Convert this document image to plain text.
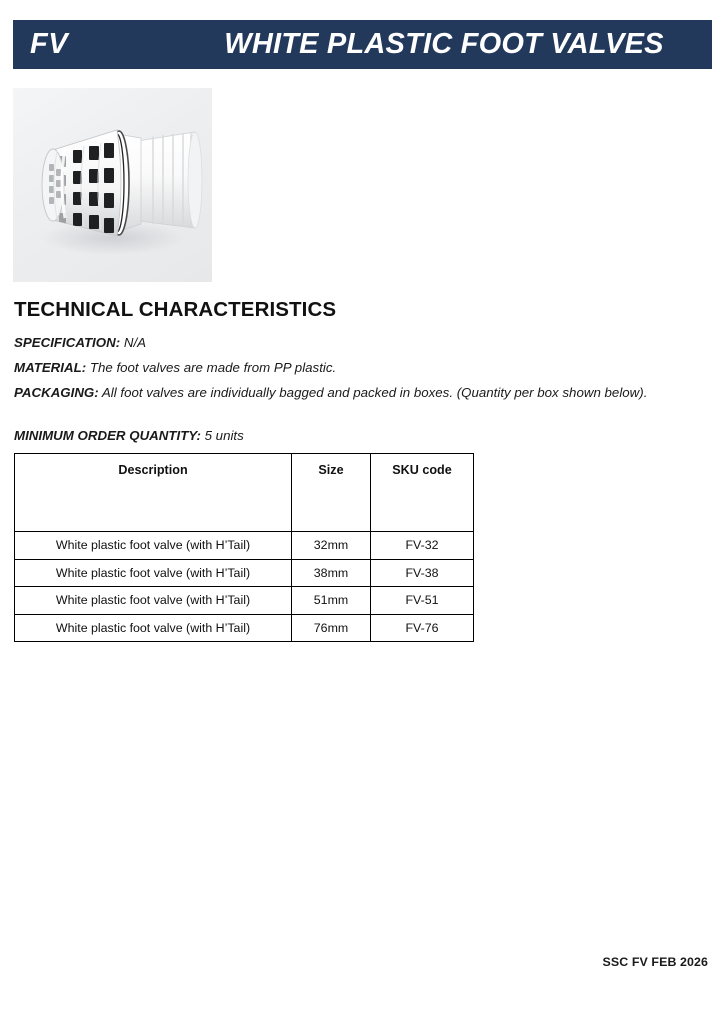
FV	WHITE PLASTIC FOOT VALVES
TECHNICAL CHARACTERISTICS
SPECIFICATION: N/A
MATERIAL: The foot valves are made from PP plastic.
PACKAGING: All foot valves are individually bagged and packed in boxes. (Quantity per box shown below).
MINIMUM ORDER QUANTITY: 5 units
Description	Size	SKU code
White plastic foot valve (with H’Tail)	32mm	FV-32
White plastic foot valve (with H’Tail)	38mm	FV-38
White plastic foot valve (with H’Tail)	51mm	FV-51
White plastic foot valve (with H’Tail)	76mm	FV-76
SSC FV FEB 2026
